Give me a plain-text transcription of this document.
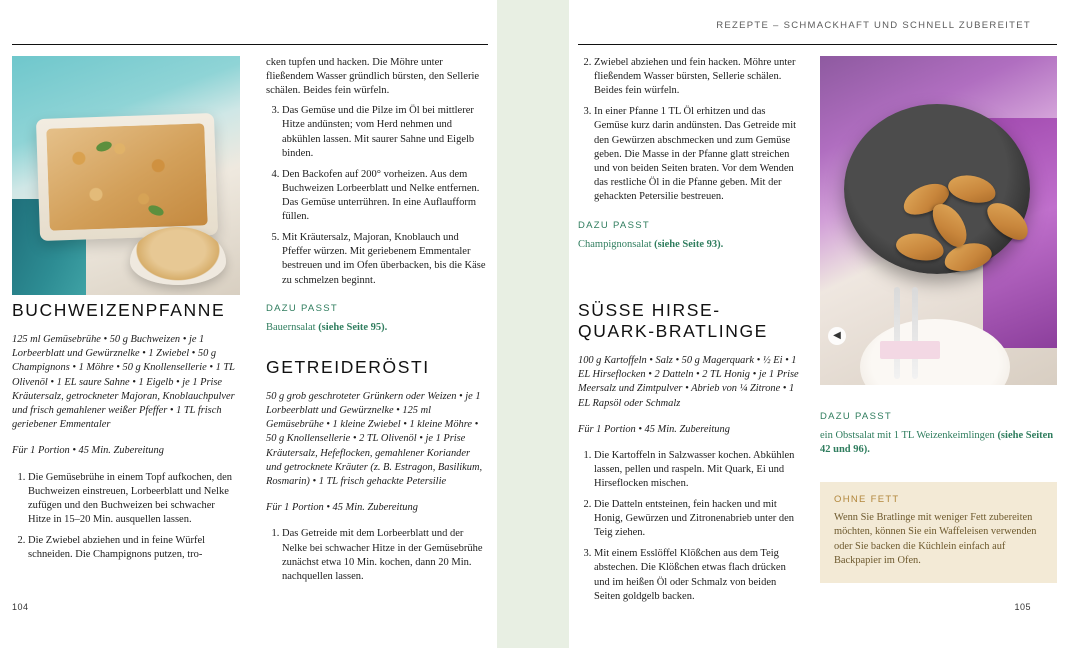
REZEPTE – SCHMACKHAFT UND SCHNELL ZUBEREITET
◀
BUCHWEIZENPFANNE

125 ml Gemüsebrühe • 50 g Buchweizen • je 1 Lorbeerblatt und Gewürznelke • 1 Zwiebel • 50 g Champignons • 1 Möhre • 50 g Knollensellerie • 1 TL Olivenöl • 1 EL saure Sahne • 1 Eigelb • je 1 Prise Kräutersalz, getrockneter Majoran, Knoblauchpulver und frisch gemahlener weißer Pfeffer • 1 TL frisch geriebener Emmentaler

Für 1 Portion • 45 Min. Zubereitung

1. Die Gemüsebrühe in einem Topf aufkochen, den Buchweizen einstreuen, Lorbeerblatt und Nelke zufügen und den Buchweizen bei schwacher Hitze in 15–20 Min. ausquellen lassen.
2. Die Zwiebel abziehen und in feine Würfel schneiden. Die Champignons putzen, tro-

cken tupfen und hacken. Die Möhre unter fließendem Wasser gründlich bürsten, den Sellerie schälen. Beides fein würfeln.

3. Das Gemüse und die Pilze im Öl bei mittlerer Hitze andünsten; vom Herd nehmen und abkühlen lassen. Mit saurer Sahne und Eigelb binden.
4. Den Backofen auf 200° vorheizen. Aus dem Buchweizen Lorbeerblatt und Nelke entfernen. Das Gemüse unterrühren. In eine Auflaufform füllen.
5. Mit Kräutersalz, Majoran, Knoblauch und Pfeffer würzen. Mit geriebenem Emmentaler bestreuen und im Ofen überbacken, bis die Käse zu schmelzen beginnt.
DAZU PASST
Bauernsalat (siehe Seite 95).
GETREIDERÖSTI

50 g grob geschroteter Grünkern oder Weizen • je 1 Lorbeerblatt und Gewürznelke • 125 ml Gemüsebrühe • 1 kleine Zwiebel • 1 kleine Möhre • 50 g Knollensellerie • 2 TL Olivenöl • je 1 Prise Kräutersalz, Hefeflocken, gemahlener Koriander und getrocknete Kräuter (z. B. Estragon, Basilikum, Rosmarin) • 1 TL frisch gehackte Petersilie

Für 1 Portion • 45 Min. Zubereitung

1. Das Getreide mit dem Lorbeerblatt und der Nelke bei schwacher Hitze in der Gemüsebrühe zunächst etwa 10 Min. kochen, dann 20 Min. nachquellen lassen.
2. Zwiebel abziehen und fein hacken. Möhre unter fließendem Wasser bürsten, Sellerie schälen. Beides fein würfeln.
3. In einer Pfanne 1 TL Öl erhitzen und das Gemüse kurz darin andünsten. Das Getreide mit den Gewürzen abschmecken und zum Gemüse geben. Die Masse in der Pfanne glatt streichen und von beiden Seiten braten. Vor dem Wenden das restliche Öl in die Pfanne geben. Mit der gehackten Petersilie bestreuen.
DAZU PASST
Champignonsalat (siehe Seite 93).
SÜSSE HIRSE-
QUARK-BRATLINGE

100 g Kartoffeln • Salz • 50 g Magerquark • ½ Ei • 1 EL Hirseflocken • 2 Datteln • 2 TL Honig • je 1 Prise Meersalz und Zimtpulver • Abrieb von ¼ Zitrone • 1 EL Rapsöl oder Schmalz

Für 1 Portion • 45 Min. Zubereitung

1. Die Kartoffeln in Salzwasser kochen. Abkühlen lassen, pellen und raspeln. Mit Quark, Ei und Hirseflocken mischen.
2. Die Datteln entsteinen, fein hacken und mit Honig, Gewürzen und Zitronenabrieb unter den Teig ziehen.
3. Mit einem Esslöffel Klößchen aus dem Teig abstechen. Die Klößchen etwas flach drücken und im heißen Öl oder Schmalz von beiden Seiten goldgelb backen.
DAZU PASST
ein Obstsalat mit 1 TL Weizenkeimlingen (siehe Seiten 42 und 96).
OHNE FETT
Wenn Sie Bratlinge mit weniger Fett zubereiten möchten, können Sie ein Waffeleisen verwenden oder Sie backen die Küchlein einfach auf Backpapier im Ofen.
104	105
